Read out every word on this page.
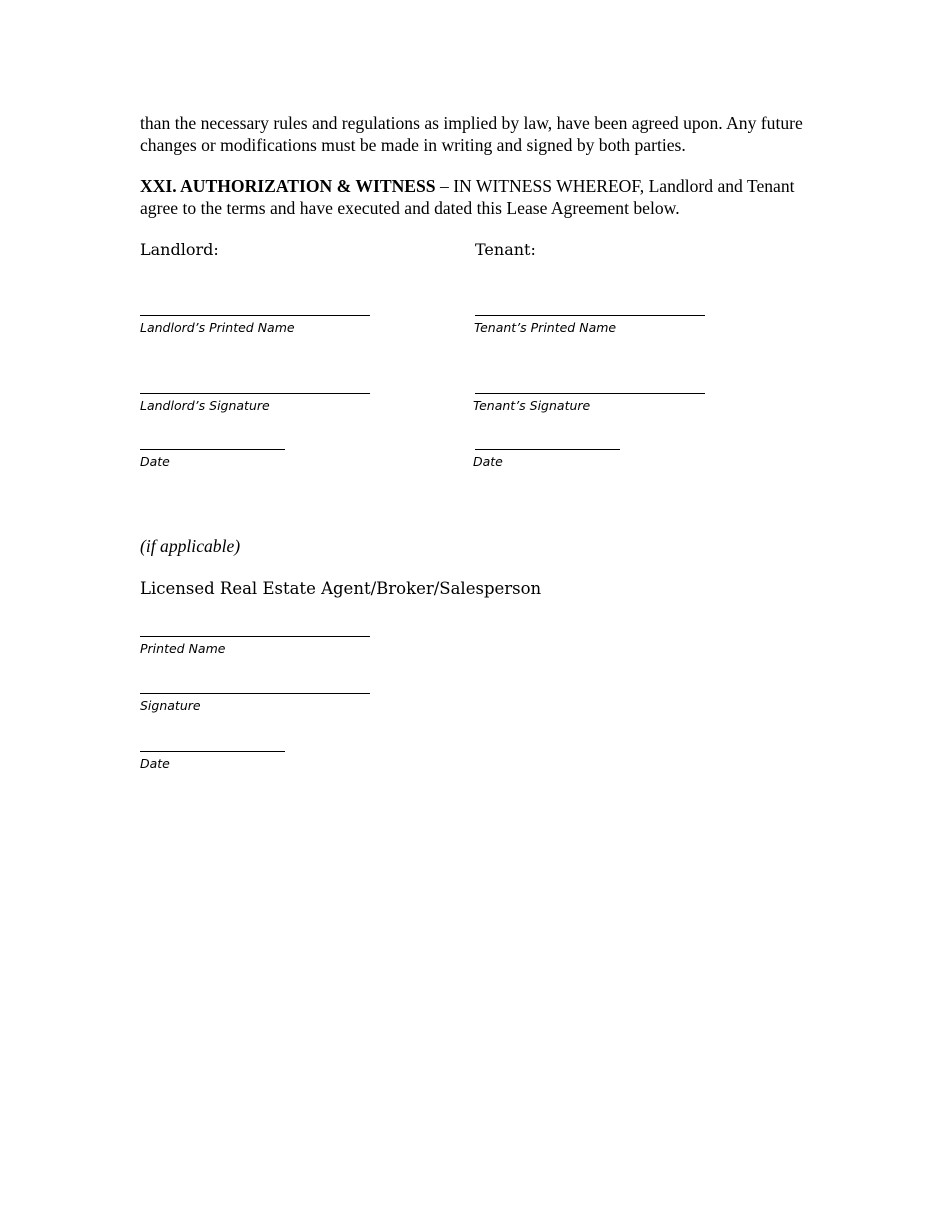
than the necessary rules and regulations as implied by law, have been agreed upon. Any future changes or modifications must be made in writing and signed by both parties.

XXI. AUTHORIZATION & WITNESS – IN WITNESS WHEREOF, Landlord and Tenant agree to the terms and have executed and dated this Lease Agreement below.

Landlord:
Landlord’s Printed Name
Landlord’s Signature
Date
Tenant:
Tenant’s Printed Name
Tenant’s Signature
Date
(if applicable)
Licensed Real Estate Agent/Broker/Salesperson
Printed Name
Signature
Date
